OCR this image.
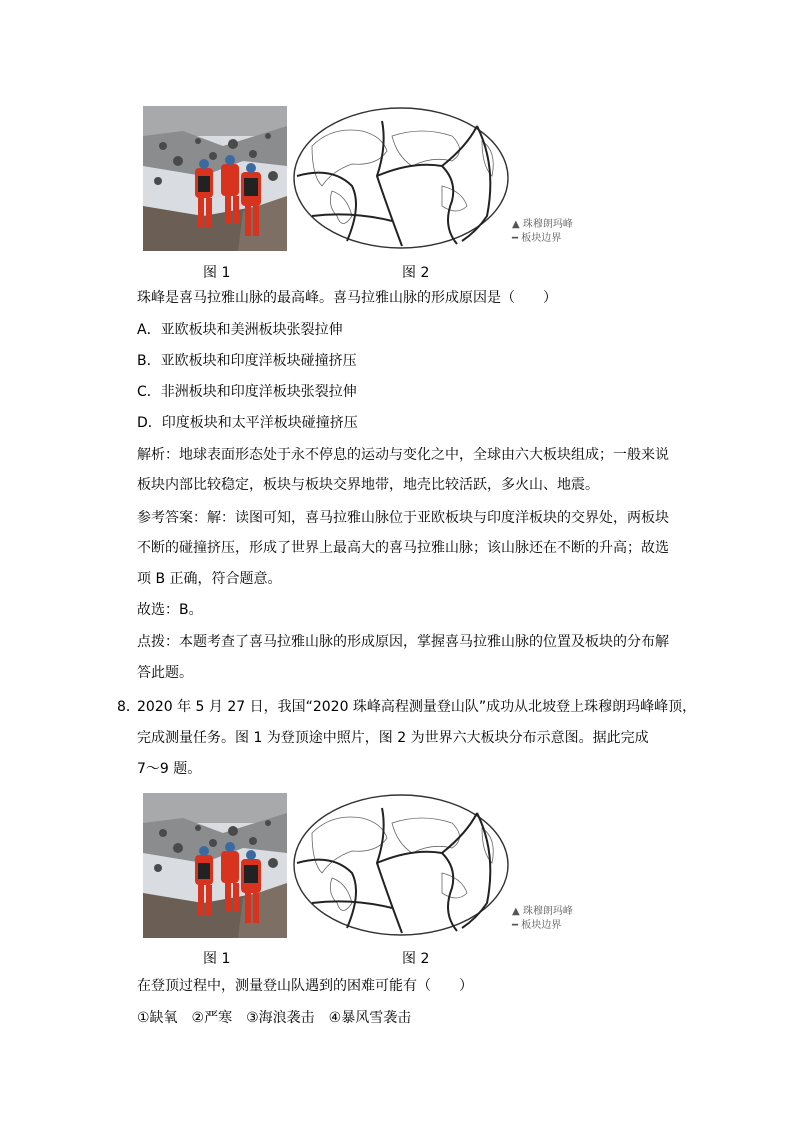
▲ 珠穆朗玛峰
━ 板块边界
图 1	图 2
珠峰是喜马拉雅山脉的最高峰。喜马拉雅山脉的形成原因是（　　）
A．亚欧板块和美洲板块张裂拉伸
B．亚欧板块和印度洋板块碰撞挤压
C．非洲板块和印度洋板块张裂拉伸
D．印度板块和太平洋板块碰撞挤压
解析：地球表面形态处于永不停息的运动与变化之中，全球由六大板块组成；一般来说
板块内部比较稳定，板块与板块交界地带，地壳比较活跃，多火山、地震。
参考答案：解：读图可知，喜马拉雅山脉位于亚欧板块与印度洋板块的交界处，两板块
不断的碰撞挤压，形成了世界上最高大的喜马拉雅山脉；该山脉还在不断的升高；故选
项 B 正确，符合题意。
故选：B。
点拨：本题考查了喜马拉雅山脉的形成原因，掌握喜马拉雅山脉的位置及板块的分布解
答此题。
8．
2020 年 5 月 27 日，我国“2020 珠峰高程测量登山队”成功从北坡登上珠穆朗玛峰峰顶，
完成测量任务。图 1 为登顶途中照片，图 2 为世界六大板块分布示意图。据此完成
7～9 题。
▲ 珠穆朗玛峰
━ 板块边界
图 1	图 2
在登顶过程中，测量登山队遇到的困难可能有（　　）
①缺氧　②严寒　③海浪袭击　④暴风雪袭击
